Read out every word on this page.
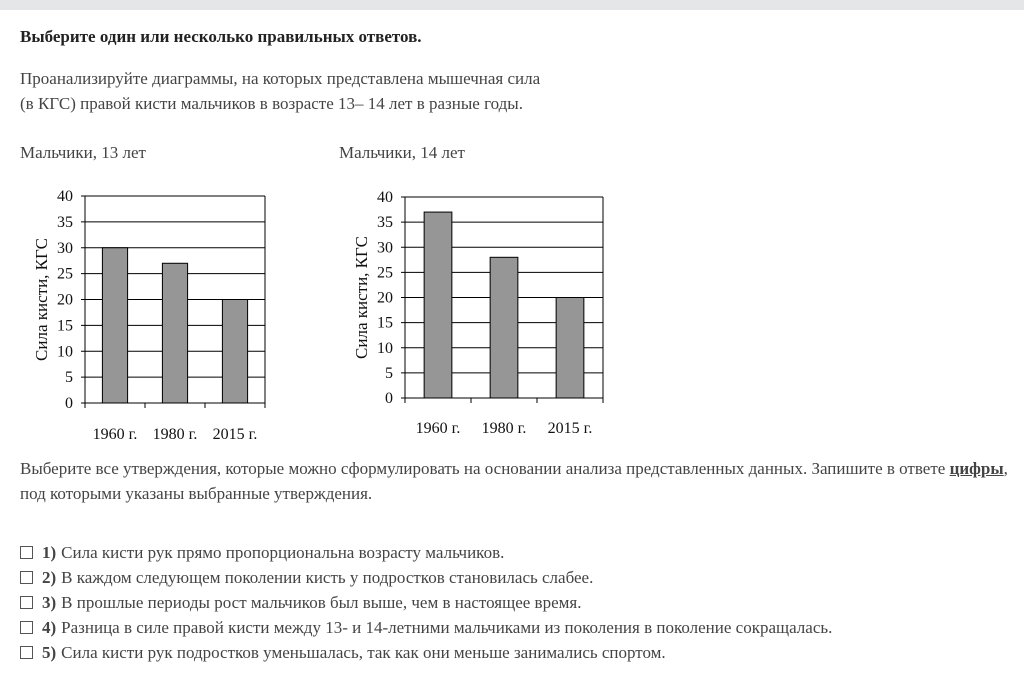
Выберите один или несколько правильных ответов.

Проанализируйте диаграммы, на которых представлена мышечная сила
(в КГС) правой кисти мальчиков в возрасте 13– 14 лет в разные годы.
Мальчики, 13 лет	Мальчики, 14 лет
0
5
10
15
20
25
30
35
40
1960 г. 1980 г. 2015 г.
Сила кисти, КГС
0
5
10
15
20
25
30
35
40
1960 г. 1980 г. 2015 г.
Сила кисти, КГС
Выберите все утверждения, которые можно сформулировать на основании анализа представленных данных. Запишите в ответе цифры, под которыми указаны выбранные утверждения.
1) Сила кисти рук прямо пропорциональна возрасту мальчиков.
2) В каждом следующем поколении кисть у подростков становилась слабее.
3) В прошлые периоды рост мальчиков был выше, чем в настоящее время.
4) Разница в силе правой кисти между 13- и 14-летними мальчиками из поколения в поколение сокращалась.
5) Сила кисти рук подростков уменьшалась, так как они меньше занимались спортом.
